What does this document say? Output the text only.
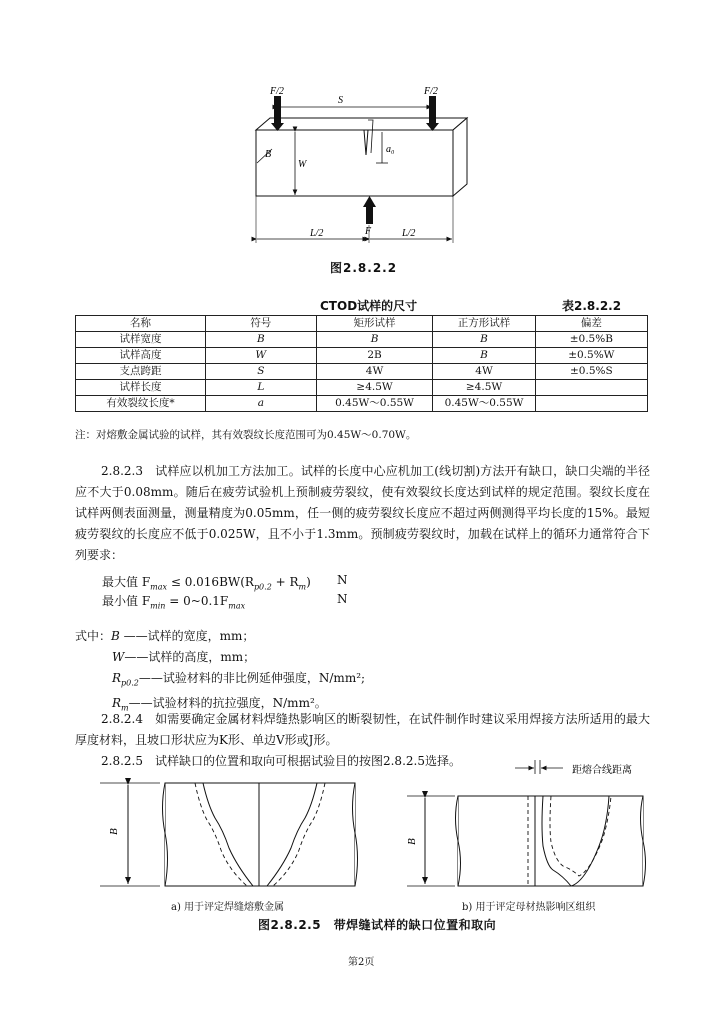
F/2
S
F/2
a₀
B
W
L/2	F	L/2
图2.8.2.2
CTOD试样的尺寸	表2.8.2.2
名称	符号	矩形试样	正方形试样	偏差
试样宽度	B	B	B	±0.5%B
试样高度	W	2B	B	±0.5%W
支点跨距	S	4W	4W	±0.5%S
试样长度	L	≥4.5W	≥4.5W	
有效裂纹长度*	a	0.45W～0.55W	0.45W～0.55W	
注：对熔敷金属试验的试样，其有效裂纹长度范围可为0.45W～0.70W。

2.8.2.3　试样应以机加工方法加工。试样的长度中心应机加工(线切割)方法开有缺口，缺口尖端的半径应不大于0.08mm。随后在疲劳试验机上预制疲劳裂纹，使有效裂纹长度达到试样的规定范围。裂纹长度在试样两侧表面测量，测量精度为0.05mm，任一侧的疲劳裂纹长度应不超过两侧测得平均长度的15%。最短疲劳裂纹的长度应不低于0.025W，且不小于1.3mm。预制疲劳裂纹时，加载在试样上的循环力通常符合下列要求：

最大值 $F_{max} \le 0.016BW(R_{p0.2} + R_m)$ N
最小值 $F_{min}$ = $0\sim 0.1F_{max}$	N
式中：B ——试样的宽度，mm；
W——试样的高度，mm；
$R_{p0.2}——$试验材料的非比例延伸强度，N/mm²;
$R_m——$试验材料的抗拉强度，N/mm²。

2.8.2.4　如需要确定金属材料焊缝热影响区的断裂韧性，在试件制作时建议采用焊接方法所适用的最大厚度材料，且坡口形状应为K形、单边V形或J形。

2.8.2.5　试样缺口的位置和取向可根据试验目的按图2.8.2.5选择。

B
B
距熔合线距离
a) 用于评定焊缝熔敷金属	b) 用于评定母材热影响区组织
图2.8.2.5　带焊缝试样的缺口位置和取向
第2页
